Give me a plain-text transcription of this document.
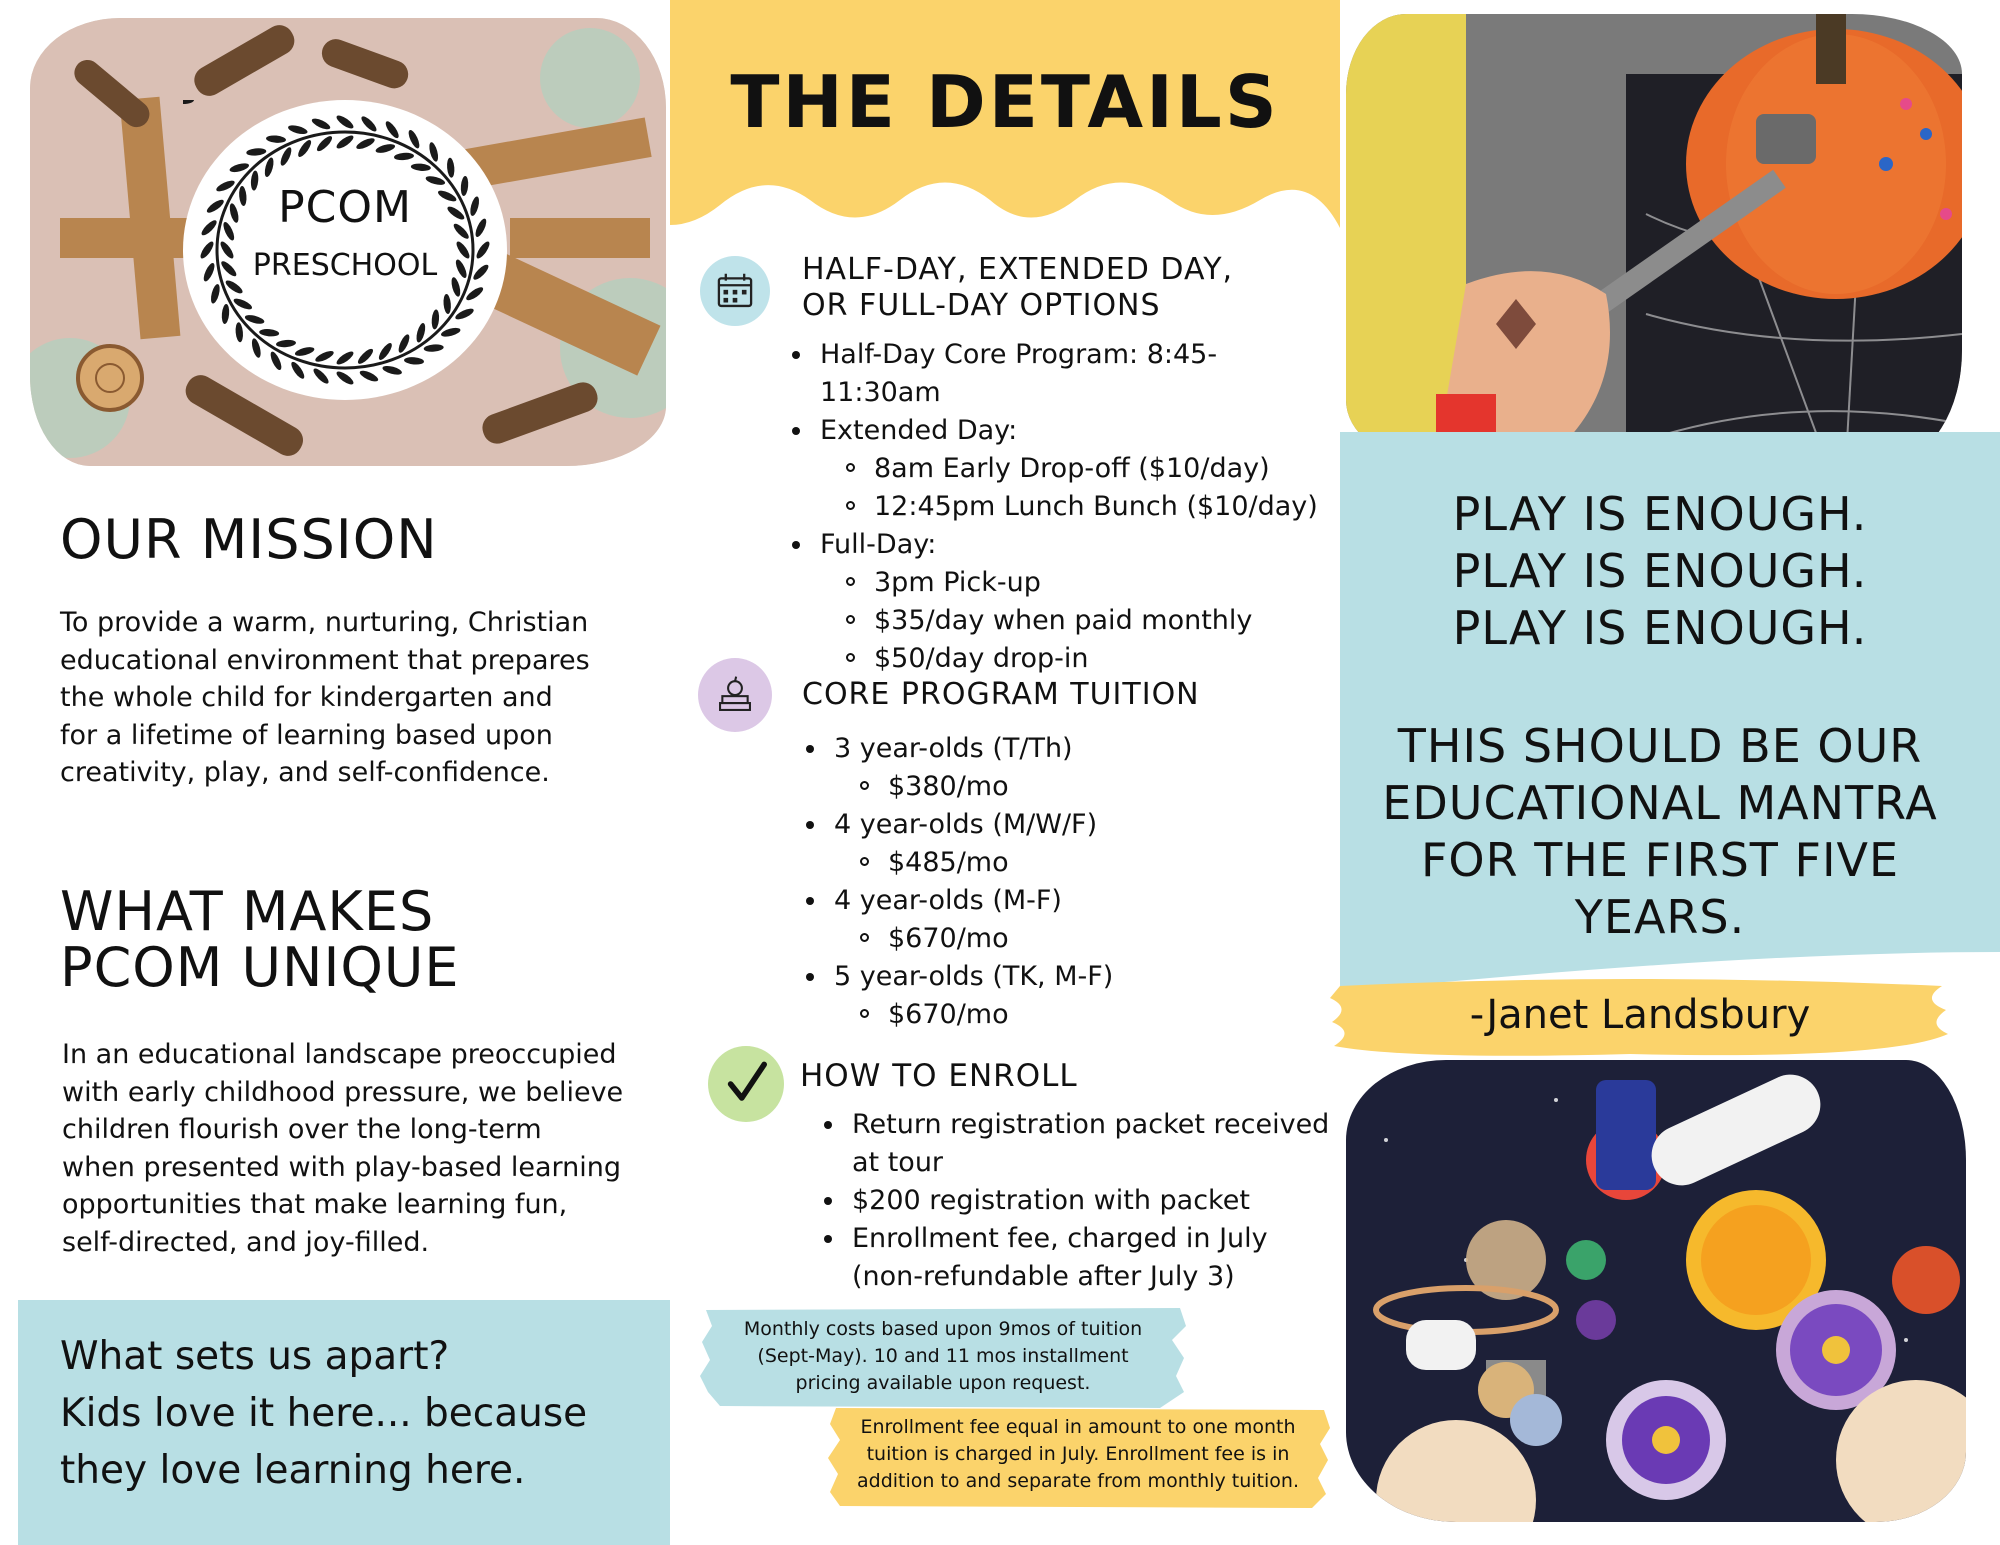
PCOM
PRESCHOOL
OUR MISSION
To provide a warm, nurturing, Christian
educational environment that prepares
the whole child for kindergarten and
for a lifetime of learning based upon
creativity, play, and self-confidence.
WHAT MAKES
PCOM UNIQUE
In an educational landscape preoccupied
with early childhood pressure, we believe
children flourish over the long-term
when presented with play-based learning
opportunities that make learning fun,
self-directed, and joy-filled.
What sets us apart?
Kids love it here... because
they love learning here.
THE DETAILS
HALF-DAY, EXTENDED DAY,
OR FULL-DAY OPTIONS
Half-Day Core Program: 8:45-11:30am
Extended Day:
8am Early Drop-off ($10/day)
12:45pm Lunch Bunch ($10/day)
Full-Day:
3pm Pick-up
$35/day when paid monthly
$50/day drop-in
CORE PROGRAM TUITION
3 year-olds (T/Th)
$380/mo
4 year-olds (M/W/F)
$485/mo
4 year-olds (M-F)
$670/mo
5 year-olds (TK, M-F)
$670/mo
HOW TO ENROLL
Return registration packet received
at tour
$200 registration with packet
Enrollment fee, charged in July
(non-refundable after July 3)
Monthly costs based upon 9mos of tuition
(Sept-May). 10 and 11 mos installment
pricing available upon request.
Enrollment fee equal in amount to one month
tuition is charged in July. Enrollment fee is in
addition to and separate from monthly tuition.
PLAY IS ENOUGH.
PLAY IS ENOUGH.
PLAY IS ENOUGH.
THIS SHOULD BE OUR
EDUCATIONAL MANTRA
FOR THE FIRST FIVE
YEARS.
-Janet Landsbury
